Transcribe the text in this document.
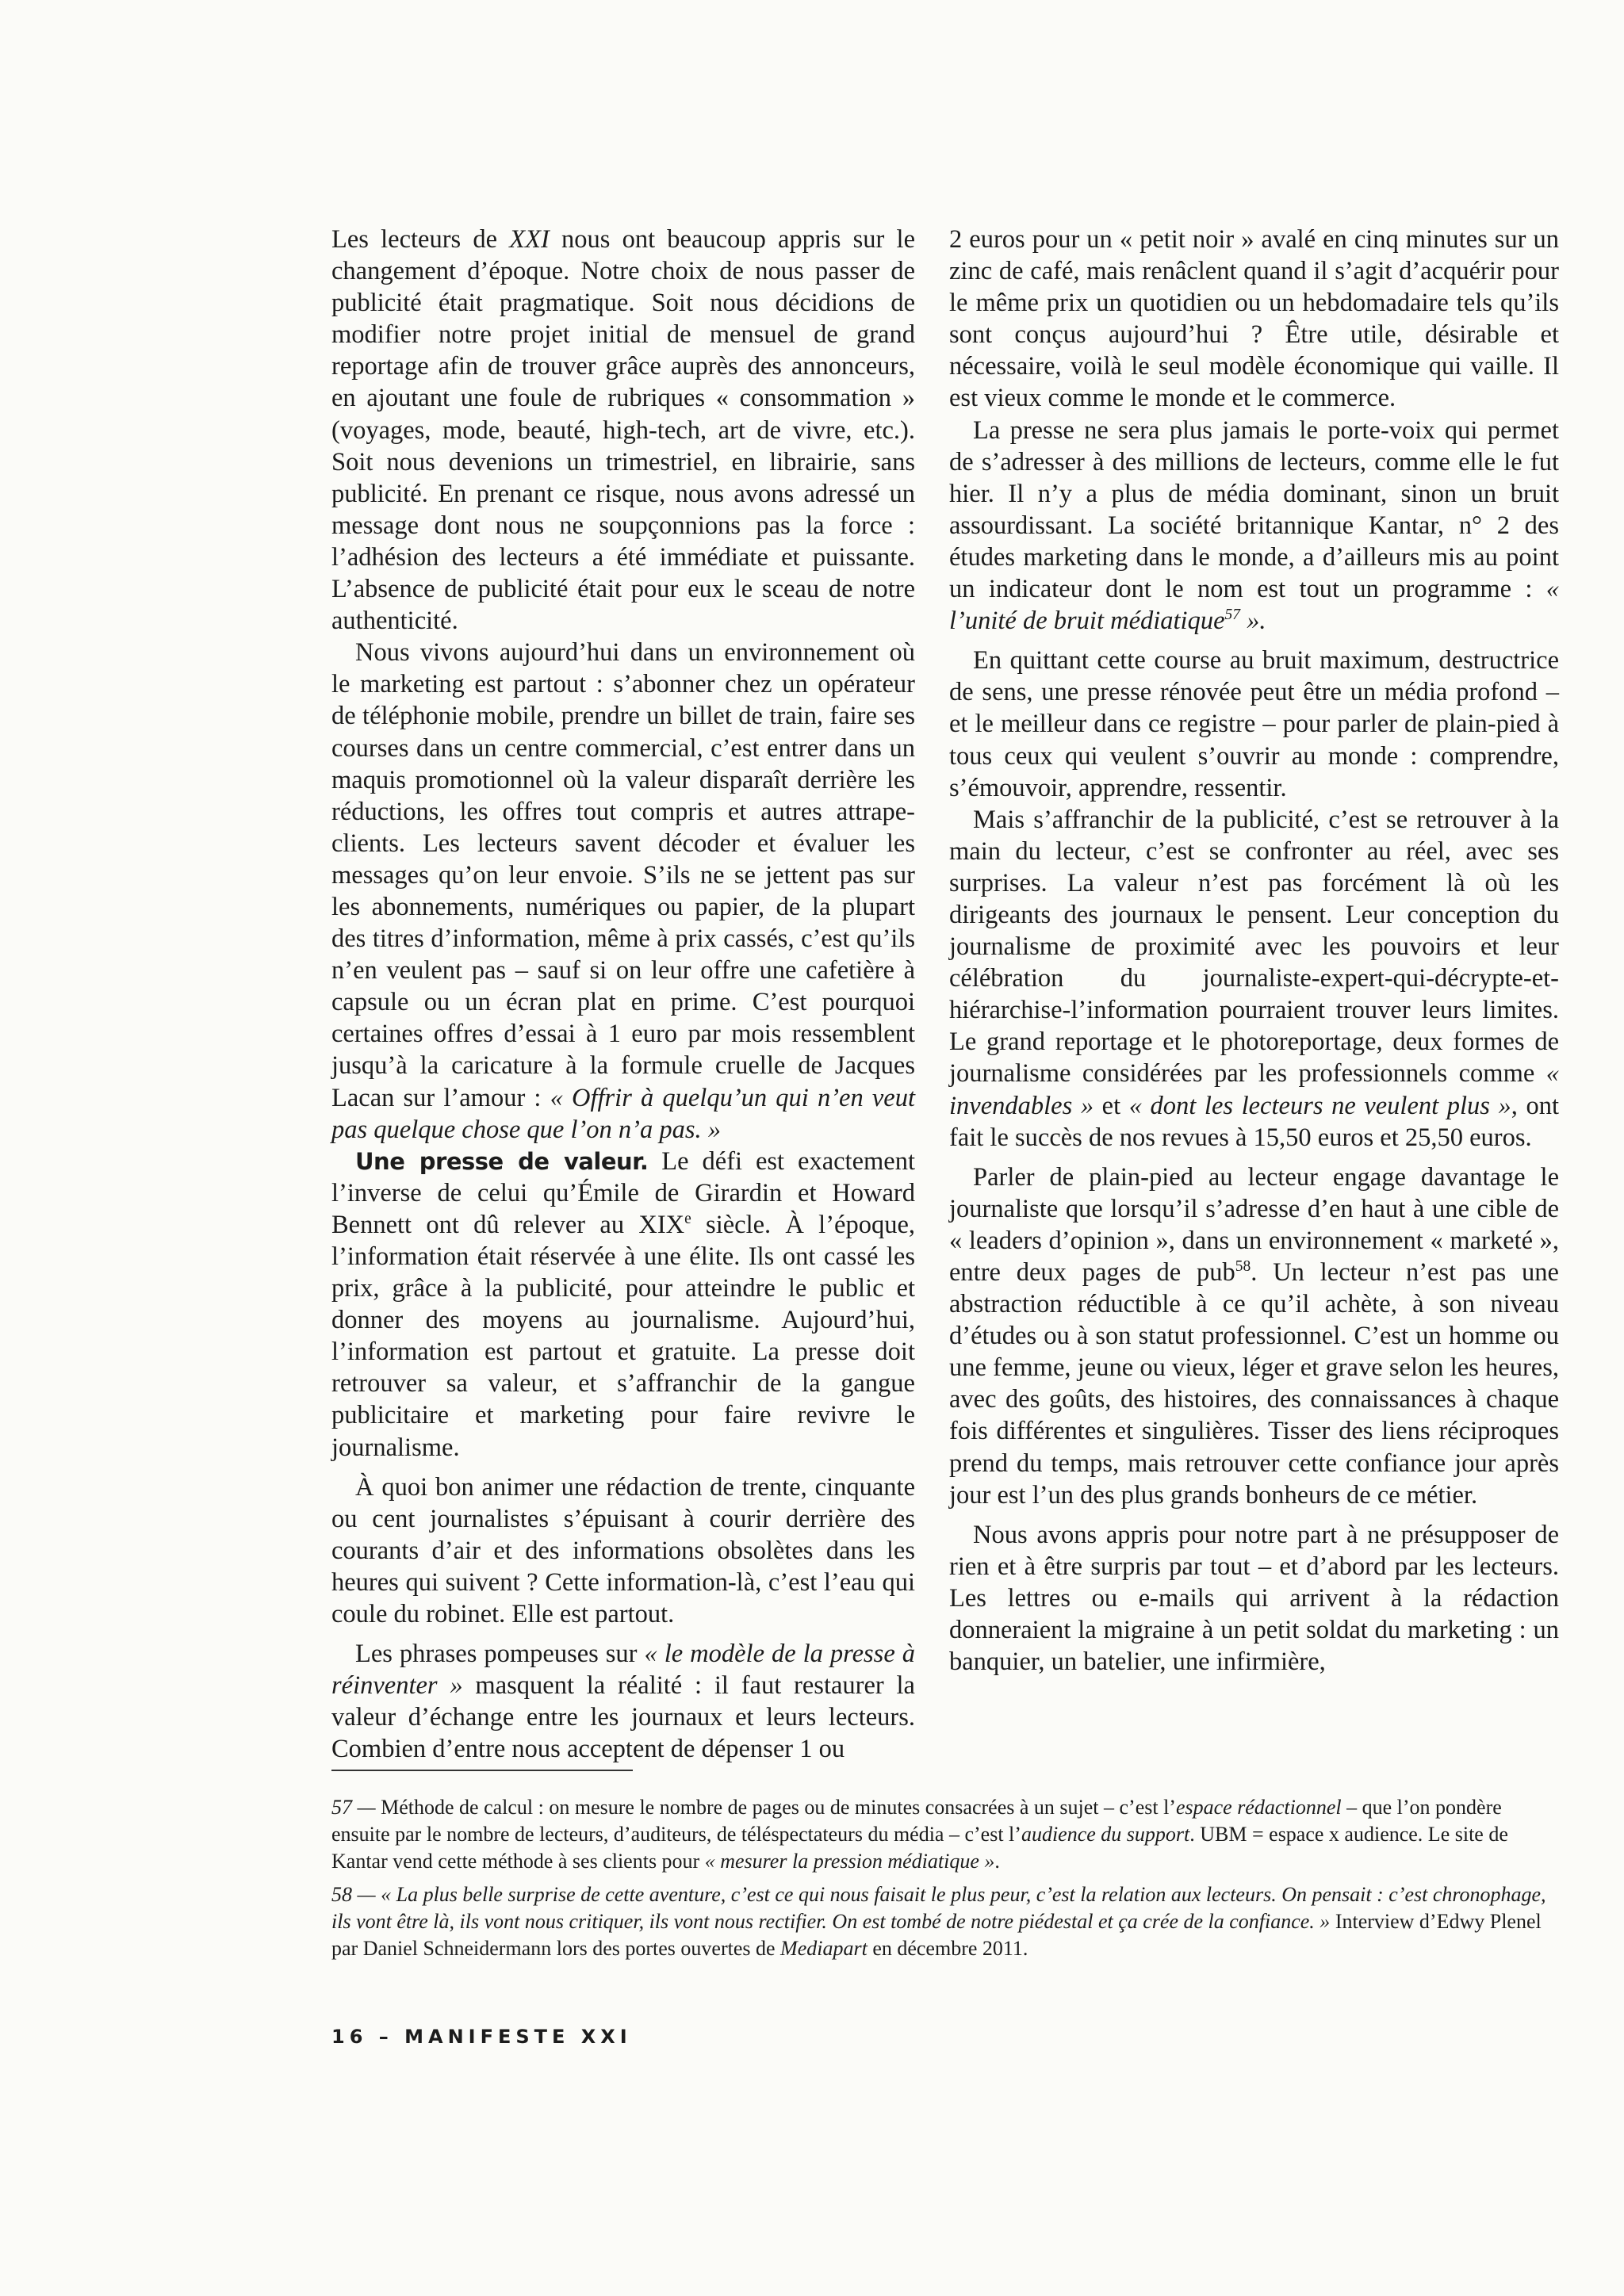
Les lecteurs de XXI nous ont beaucoup appris sur le changement d’époque. Notre choix de nous passer de publicité était pragmatique. Soit nous décidions de modifier notre projet initial de mensuel de grand reportage afin de trouver grâce auprès des annonceurs, en ajoutant une foule de rubriques « consommation » (voyages, mode, beauté, high-tech, art de vivre, etc.). Soit nous devenions un trimestriel, en librairie, sans publicité. En prenant ce risque, nous avons adressé un message dont nous ne soupçonnions pas la force : l’adhésion des lecteurs a été immédiate et puissante. L’absence de publicité était pour eux le sceau de notre authenticité.

Nous vivons aujourd’hui dans un environnement où le marketing est partout : s’abonner chez un opérateur de téléphonie mobile, prendre un billet de train, faire ses courses dans un centre commercial, c’est entrer dans un maquis promotionnel où la valeur disparaît derrière les réductions, les offres tout compris et autres attrape-clients. Les lecteurs savent décoder et évaluer les messages qu’on leur envoie. S’ils ne se jettent pas sur les abonnements, numériques ou papier, de la plupart des titres d’information, même à prix cassés, c’est qu’ils n’en veulent pas – sauf si on leur offre une cafetière à capsule ou un écran plat en prime. C’est pourquoi certaines offres d’essai à 1 euro par mois ressemblent jusqu’à la caricature à la formule cruelle de Jacques Lacan sur l’amour : « Offrir à quelqu’un qui n’en veut pas quelque chose que l’on n’a pas. »

Une presse de valeur. Le défi est exactement l’inverse de celui qu’Émile de Girardin et Howard Bennett ont dû relever au XIXe siècle. À l’époque, l’information était réservée à une élite. Ils ont cassé les prix, grâce à la publicité, pour atteindre le public et donner des moyens au journalisme. Aujourd’hui, l’information est partout et gratuite. La presse doit retrouver sa valeur, et s’affranchir de la gangue publicitaire et marketing pour faire revivre le journalisme.

À quoi bon animer une rédaction de trente, cinquante ou cent journalistes s’épuisant à courir derrière des courants d’air et des informations obsolètes dans les heures qui suivent ? Cette information-là, c’est l’eau qui coule du robinet. Elle est partout.

Les phrases pompeuses sur « le modèle de la presse à réinventer » masquent la réalité : il faut restaurer la valeur d’échange entre les journaux et leurs lecteurs. Combien d’entre nous acceptent de dépenser 1 ou

2 euros pour un « petit noir » avalé en cinq minutes sur un zinc de café, mais renâclent quand il s’agit d’acquérir pour le même prix un quotidien ou un hebdomadaire tels qu’ils sont conçus aujourd’hui ? Être utile, désirable et nécessaire, voilà le seul modèle économique qui vaille. Il est vieux comme le monde et le commerce.

La presse ne sera plus jamais le porte-voix qui permet de s’adresser à des millions de lecteurs, comme elle le fut hier. Il n’y a plus de média dominant, sinon un bruit assourdissant. La société britannique Kantar, n° 2 des études marketing dans le monde, a d’ailleurs mis au point un indicateur dont le nom est tout un programme : « l’unité de bruit médiatique$^{57}$ ».

En quittant cette course au bruit maximum, destructrice de sens, une presse rénovée peut être un média profond – et le meilleur dans ce registre – pour parler de plain-pied à tous ceux qui veulent s’ouvrir au monde : comprendre, s’émouvoir, apprendre, ressentir.

Mais s’affranchir de la publicité, c’est se retrouver à la main du lecteur, c’est se confronter au réel, avec ses surprises. La valeur n’est pas forcément là où les dirigeants des journaux le pensent. Leur conception du journalisme de proximité avec les pouvoirs et leur célébration du journaliste-expert-qui-décrypte-et-hiérarchise-l’information pourraient trouver leurs limites. Le grand reportage et le photoreportage, deux formes de journalisme considérées par les professionnels comme « invendables » et « dont les lecteurs ne veulent plus », ont fait le succès de nos revues à 15,50 euros et 25,50 euros.

Parler de plain-pied au lecteur engage davantage le journaliste que lorsqu’il s’adresse d’en haut à une cible de « leaders d’opinion », dans un environnement « marketé », entre deux pages de pub$^{58}$. Un lecteur n’est pas une abstraction réductible à ce qu’il achète, à son niveau d’études ou à son statut professionnel. C’est un homme ou une femme, jeune ou vieux, léger et grave selon les heures, avec des goûts, des histoires, des connaissances à chaque fois différentes et singulières. Tisser des liens réciproques prend du temps, mais retrouver cette confiance jour après jour est l’un des plus grands bonheurs de ce métier.

Nous avons appris pour notre part à ne présupposer de rien et à être surpris par tout – et d’abord par les lecteurs. Les lettres ou e-mails qui arrivent à la rédaction donneraient la migraine à un petit soldat du marketing : un banquier, un batelier, une infirmière,

57 — Méthode de calcul : on mesure le nombre de pages ou de minutes consacrées à un sujet – c’est l’espace rédactionnel – que l’on pondère ensuite par le nombre de lecteurs, d’auditeurs, de téléspectateurs du média – c’est l’audience du support. UBM = espace x audience. Le site de Kantar vend cette méthode à ses clients pour « mesurer la pression médiatique ».

58 — « La plus belle surprise de cette aventure, c’est ce qui nous faisait le plus peur, c’est la relation aux lecteurs. On pensait : c’est chronophage, ils vont être là, ils vont nous critiquer, ils vont nous rectifier. On est tombé de notre piédestal et ça crée de la confiance. » Interview d’Edwy Plenel par Daniel Schneidermann lors des portes ouvertes de Mediapart en décembre 2011.

16 – MANIFESTE XXI
